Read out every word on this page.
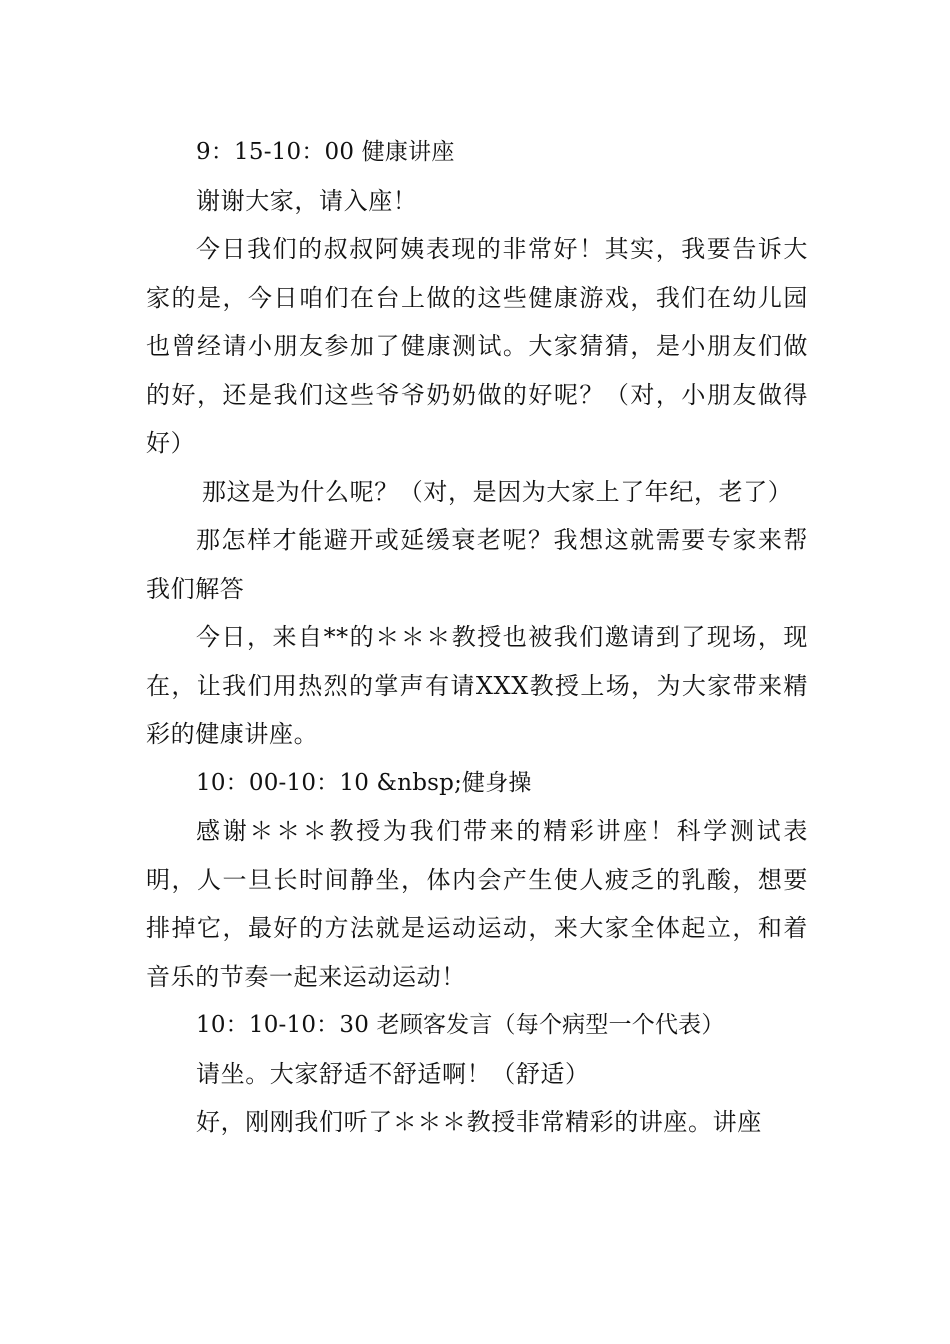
9：15-10：00 健康讲座

谢谢大家，请入座！

今日我们的叔叔阿姨表现的非常好！其实，我要告诉大家的是，今日咱们在台上做的这些健康游戏，我们在幼儿园也曾经请小朋友参加了健康测试。大家猜猜，是小朋友们做的好，还是我们这些爷爷奶奶做的好呢？（对，小朋友做得好）

那这是为什么呢？（对，是因为大家上了年纪，老了）

那怎样才能避开或延缓衰老呢？我想这就需要专家来帮我们解答

今日，来自**的＊＊＊教授也被我们邀请到了现场，现在，让我们用热烈的掌声有请XXX教授上场，为大家带来精彩的健康讲座。

10：00-10：10 &nbsp;健身操

感谢＊＊＊教授为我们带来的精彩讲座！科学测试表明，人一旦长时间静坐，体内会产生使人疲乏的乳酸，想要排掉它，最好的方法就是运动运动，来大家全体起立，和着音乐的节奏一起来运动运动！

10：10-10：30 老顾客发言（每个病型一个代表）

请坐。大家舒适不舒适啊！（舒适）

好，刚刚我们听了＊＊＊教授非常精彩的讲座。讲座
